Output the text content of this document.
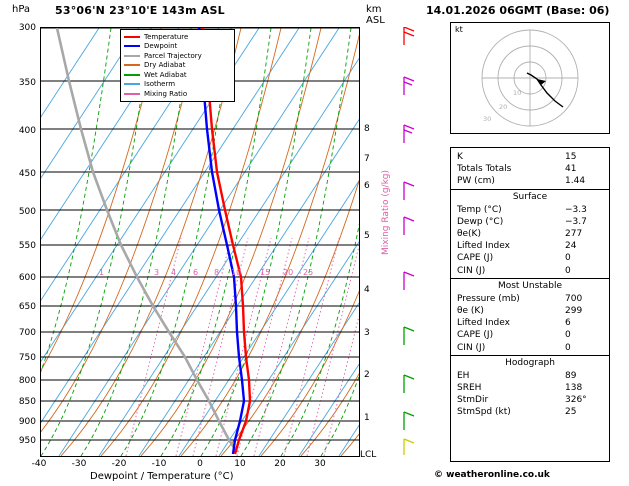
hPa 53°06'N 23°10'E 143m ASL	km
ASL
300
350
400
450
500
550
600
650
700
750
800
850
900
950
8
7
6
5
4
3
2
1
-40	-30	-20	-10	0	10	20	30
Dewpoint / Temperature (°C)
Mixing Ratio (g/kg)
LCL
1	3 4 6 8 10 15 20 25
Temperature
Dewpoint
Parcel Trajectory
Dry Adiabat
Wet Adiabat
Isotherm
Mixing Ratio
14.01.2026 06GMT (Base: 06)
kt
10
20
30
K	15
Totals Totals	41
PW (cm)	1.44
Surface
Temp (°C)	−3.3
Dewp (°C)	−3.7
θe(K)	277
Lifted Index	24
CAPE (J)	0
CIN (J)	0
Most Unstable
Pressure (mb)	700
θe (K)	299
Lifted Index	6
CAPE (J)	0
CIN (J)	0
Hodograph
EH	89
SREH	138
StmDir	326°
StmSpd (kt)	25
© weatheronline.co.uk
